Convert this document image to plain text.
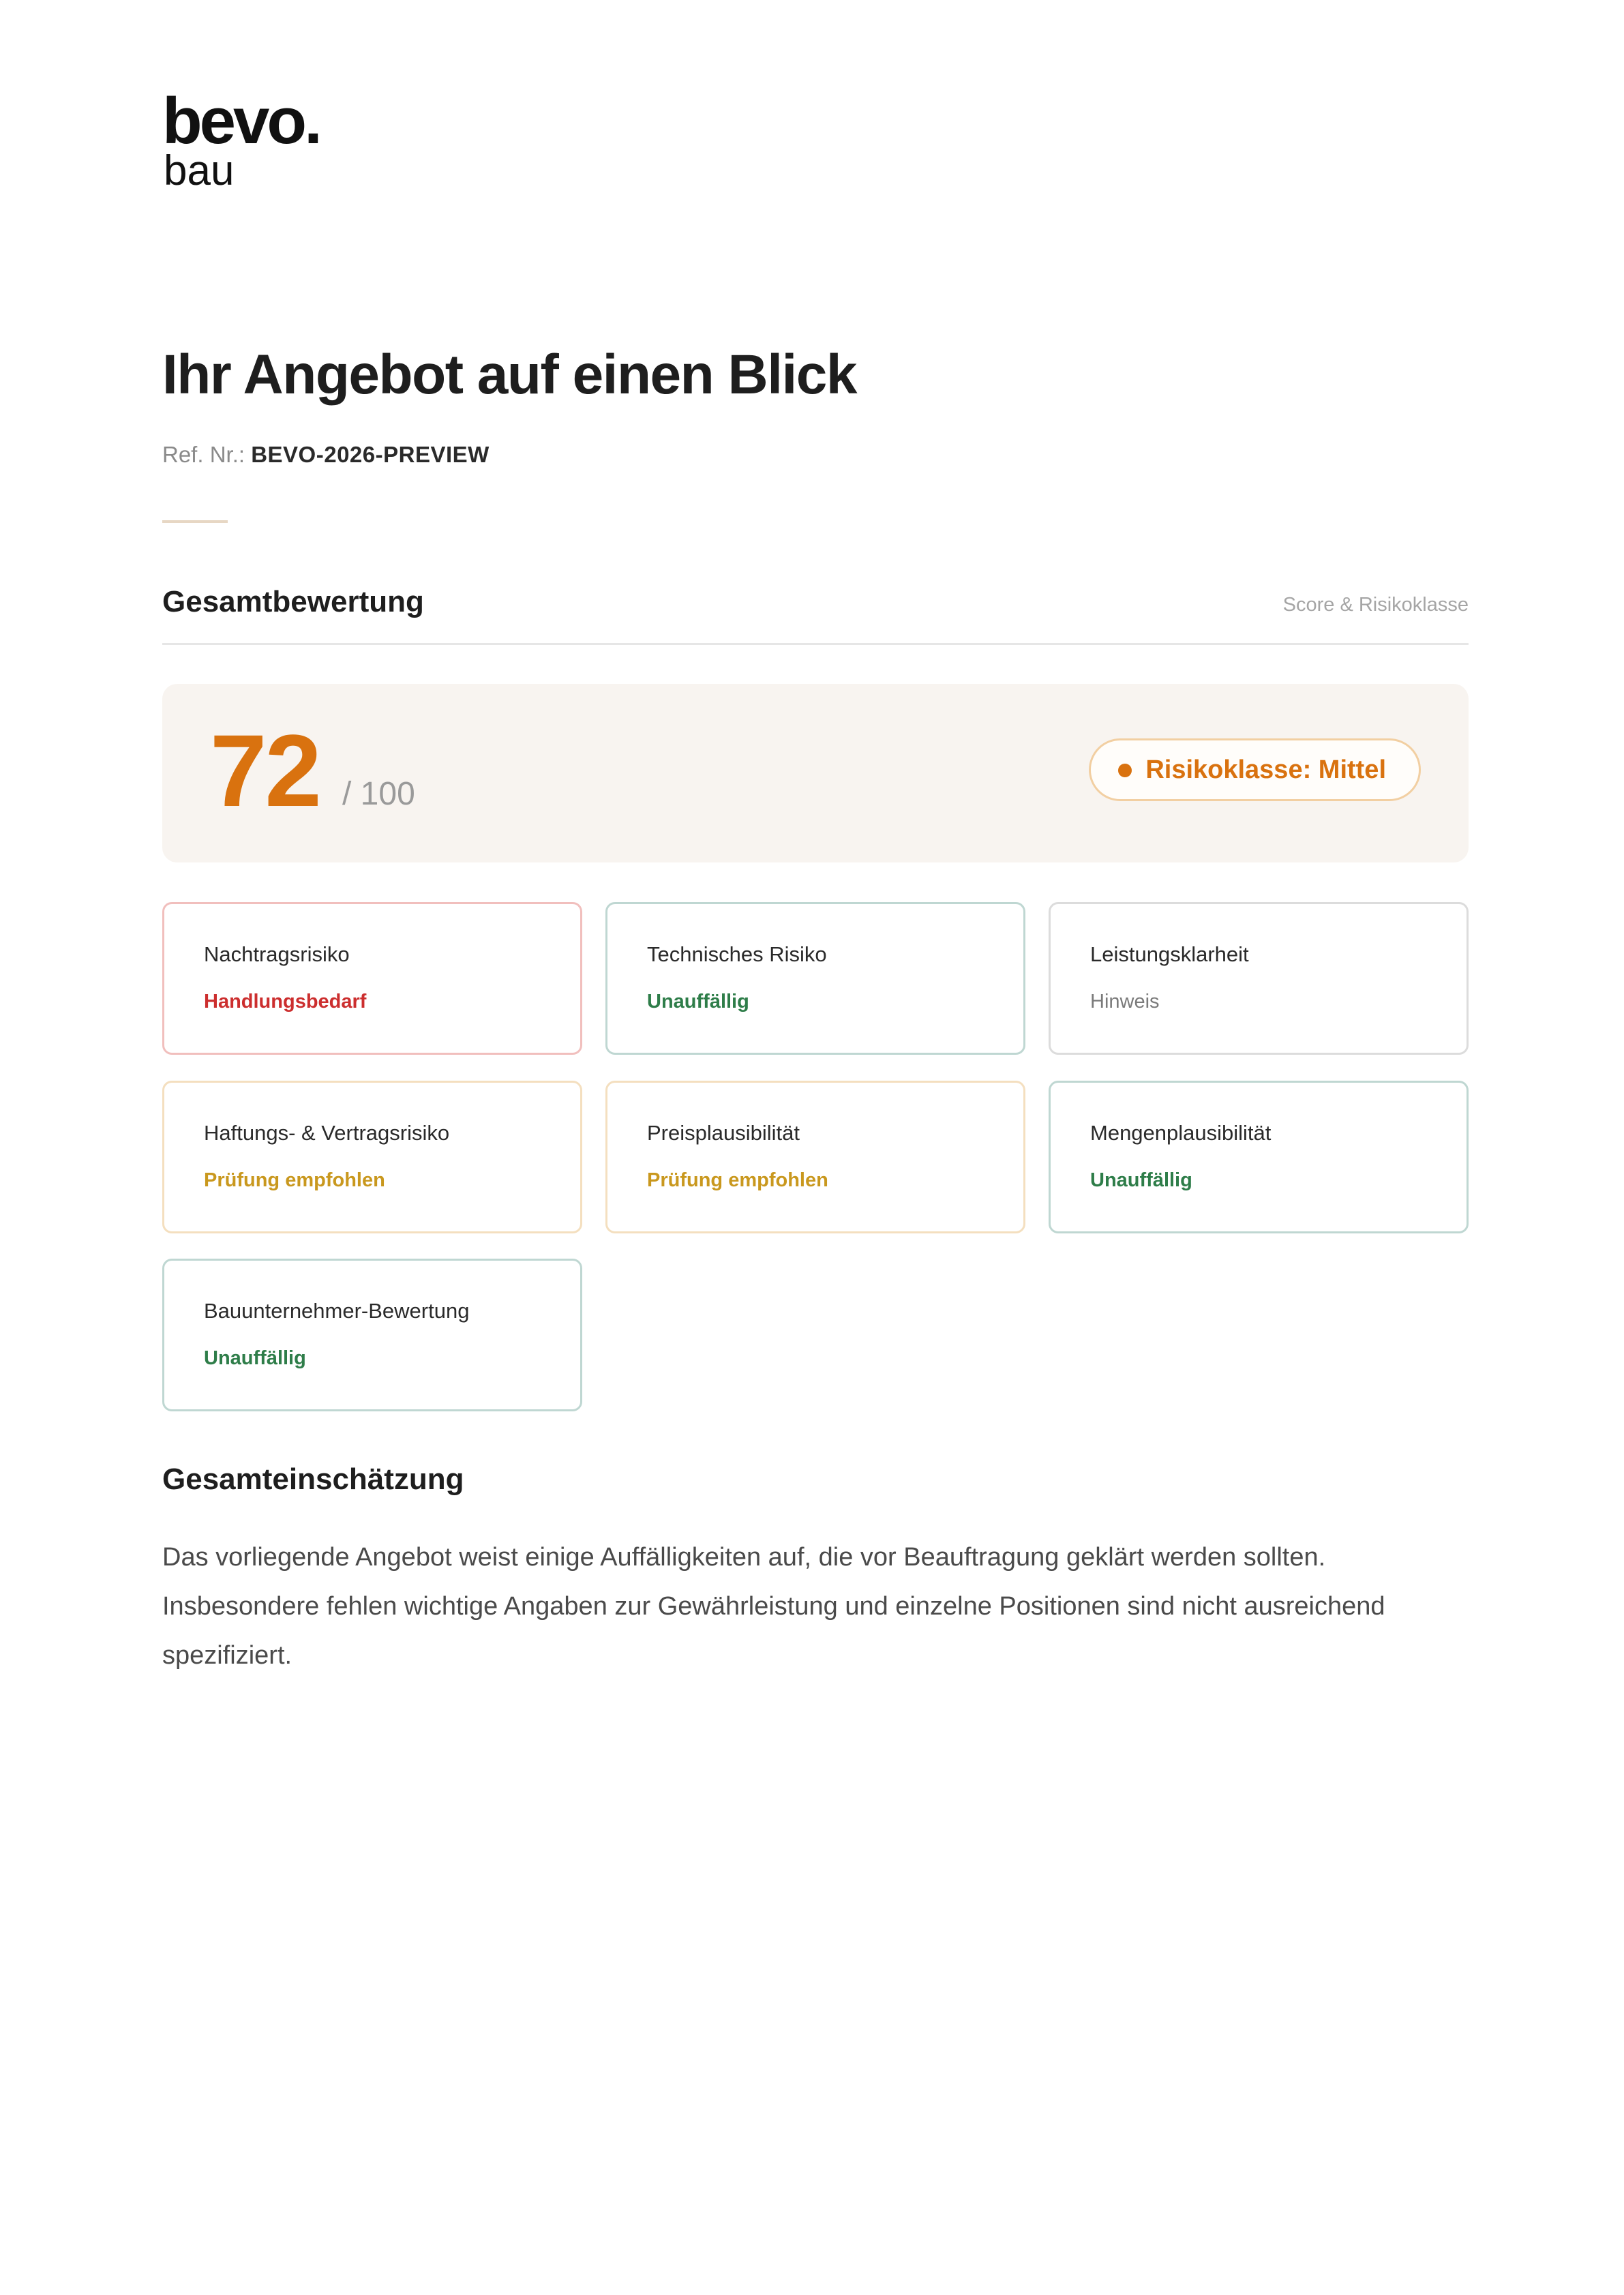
bevo.
bau
Ihr Angebot auf einen Blick
Ref. Nr.: BEVO-2026-PREVIEW
Gesamtbewertung	Score & Risikoklasse
72 / 100
Risikoklasse: Mittel
Nachtragsrisiko
Handlungsbedarf
Technisches Risiko
Unauffällig
Leistungsklarheit
Hinweis
Haftungs- & Vertragsrisiko
Prüfung empfohlen
Preisplausibilität
Prüfung empfohlen
Mengenplausibilität
Unauffällig
Bauunternehmer-Bewertung
Unauffällig
Gesamteinschätzung

Das vorliegende Angebot weist einige Auffälligkeiten auf, die vor Beauftragung geklärt werden sollten. Insbesondere fehlen wichtige Angaben zur Gewährleistung und einzelne Positionen sind nicht ausreichend spezifiziert.
